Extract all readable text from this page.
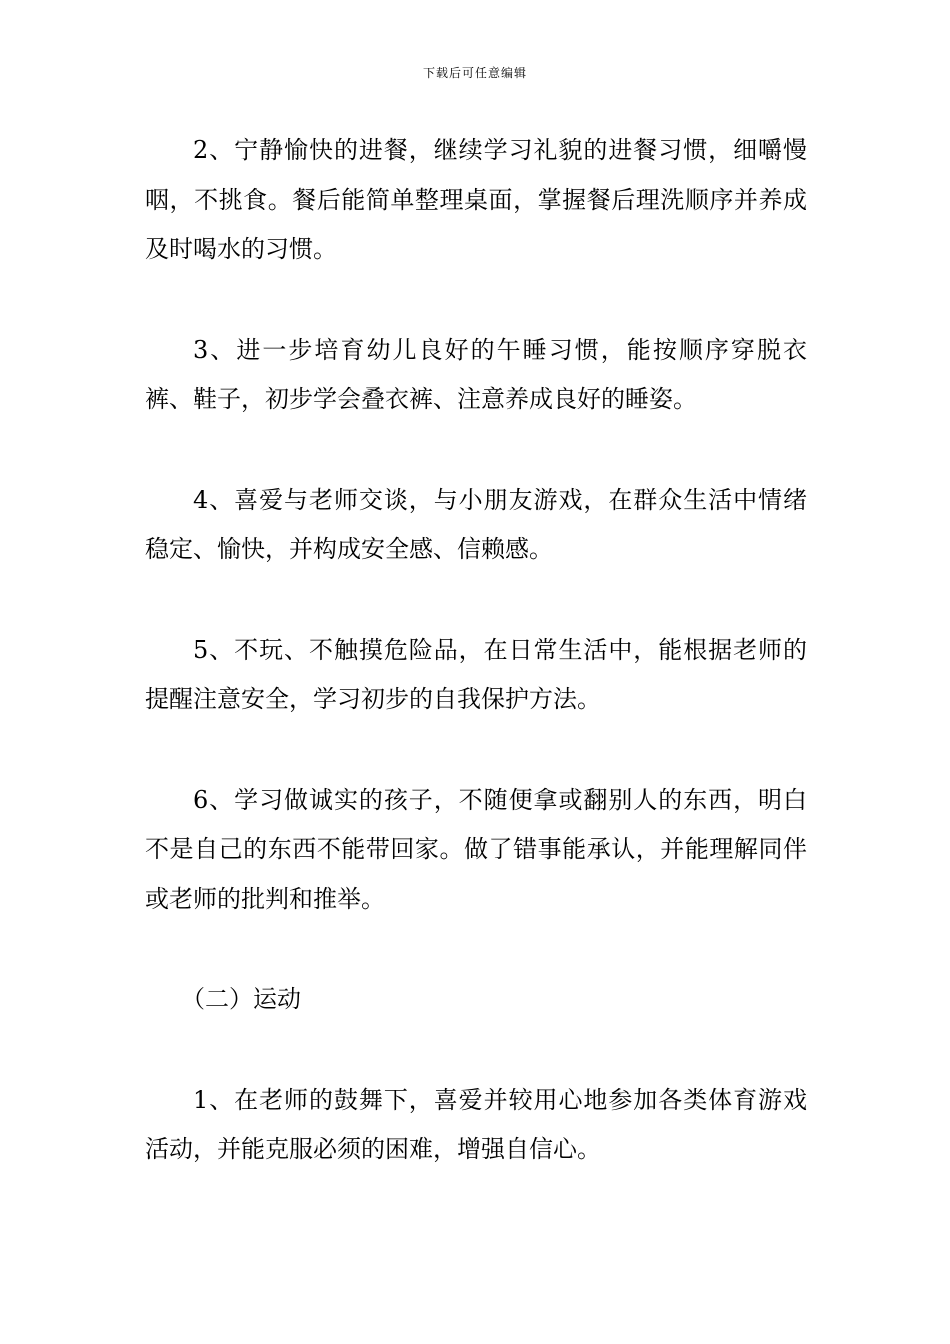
下载后可任意编辑

2、宁静愉快的进餐，继续学习礼貌的进餐习惯，细嚼慢咽，不挑食。餐后能简单整理桌面，掌握餐后理洗顺序并养成及时喝水的习惯。

3、进一步培育幼儿良好的午睡习惯，能按顺序穿脱衣裤、鞋子，初步学会叠衣裤、注意养成良好的睡姿。

4、喜爱与老师交谈，与小朋友游戏，在群众生活中情绪稳定、愉快，并构成安全感、信赖感。

5、不玩、不触摸危险品，在日常生活中，能根据老师的提醒注意安全，学习初步的自我保护方法。

6、学习做诚实的孩子，不随便拿或翻别人的东西，明白不是自己的东西不能带回家。做了错事能承认，并能理解同伴或老师的批判和推举。

（二）运动

1、在老师的鼓舞下，喜爱并较用心地参加各类体育游戏活动，并能克服必须的困难，增强自信心。
